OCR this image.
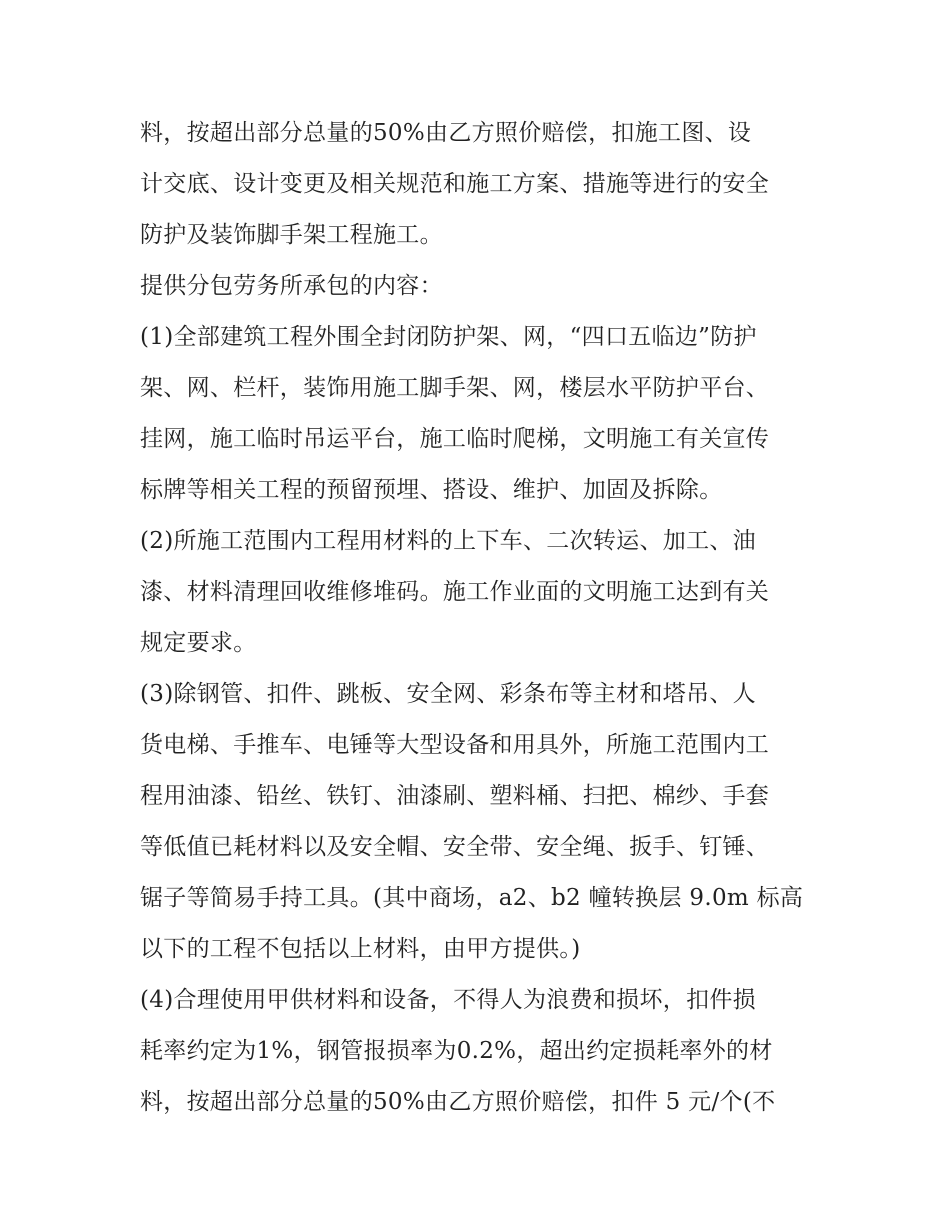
料，按超出部分总量的50%由乙方照价赔偿，扣施工图、设
计交底、设计变更及相关规范和施工方案、措施等进行的安全
防护及装饰脚手架工程施工。
提供分包劳务所承包的内容：
(1)全部建筑工程外围全封闭防护架、网，“四口五临边”防护
架、网、栏杆，装饰用施工脚手架、网，楼层水平防护平台、
挂网，施工临时吊运平台，施工临时爬梯，文明施工有关宣传
标牌等相关工程的预留预埋、搭设、维护、加固及拆除。
(2)所施工范围内工程用材料的上下车、二次转运、加工、油
漆、材料清理回收维修堆码。施工作业面的文明施工达到有关
规定要求。
(3)除钢管、扣件、跳板、安全网、彩条布等主材和塔吊、人
货电梯、手推车、电锤等大型设备和用具外，所施工范围内工
程用油漆、铅丝、铁钉、油漆刷、塑料桶、扫把、棉纱、手套
等低值已耗材料以及安全帽、安全带、安全绳、扳手、钉锤、
锯子等简易手持工具。(其中商场，a2、b2 幢转换层 9.0m 标高
以下的工程不包括以上材料，由甲方提供。)
(4)合理使用甲供材料和设备，不得人为浪费和损坏，扣件损
耗率约定为1%，钢管报损率为0.2%，超出约定损耗率外的材
料，按超出部分总量的50%由乙方照价赔偿，扣件 5 元/个(不
